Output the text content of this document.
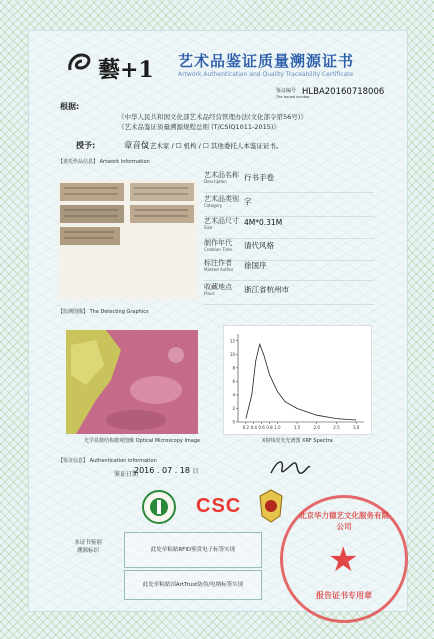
藝+1 艺术品鉴证质量溯源证书
Artwork Authentication and Quality Traceability Certificate
鉴证编号
The issued number
HLBA20160718006
根据:
《中华人民共和国文化部艺术品经营管理办法(文化部令第56号)》
《艺术品鉴证质量溯源规程总则 (T/CSIQ1011-2015)》
授予:	章音仪
☑ 艺术家 / ☐ 机构 / ☐ 其他委托人本鉴证证书。
【委托作品信息】 Artwork Information
艺术品名称
Description	行书手卷
艺术品类别
Category	字
艺术品尺寸
Size
4M*0.31M
制作年代
Creation Time 清代风格
标注作者
Marked Author 徐国序
收藏地点
Place	浙江省杭州市
【监测图像】 The Detecting Graphics
光学显微结构微观图像 Optical Microscopy Image
0
2
4
6
8
10
12
0.2 0.4 0.6 0.8 1.0	1.5	2.0	2.5	3.0
X射线荧光光谱图 XRF Spectra
【鉴证信息】 Authentication information
鉴证日期
2016 . 07 . 18 日
CSC
本证书鉴别
溯源标识	此处单粘贴RFID鉴赏电子标签实现
此处单粘贴国ArtTrust防伪/电纳标签实现
北京华力德艺文化服务有限公司
★
报告证书专用章
